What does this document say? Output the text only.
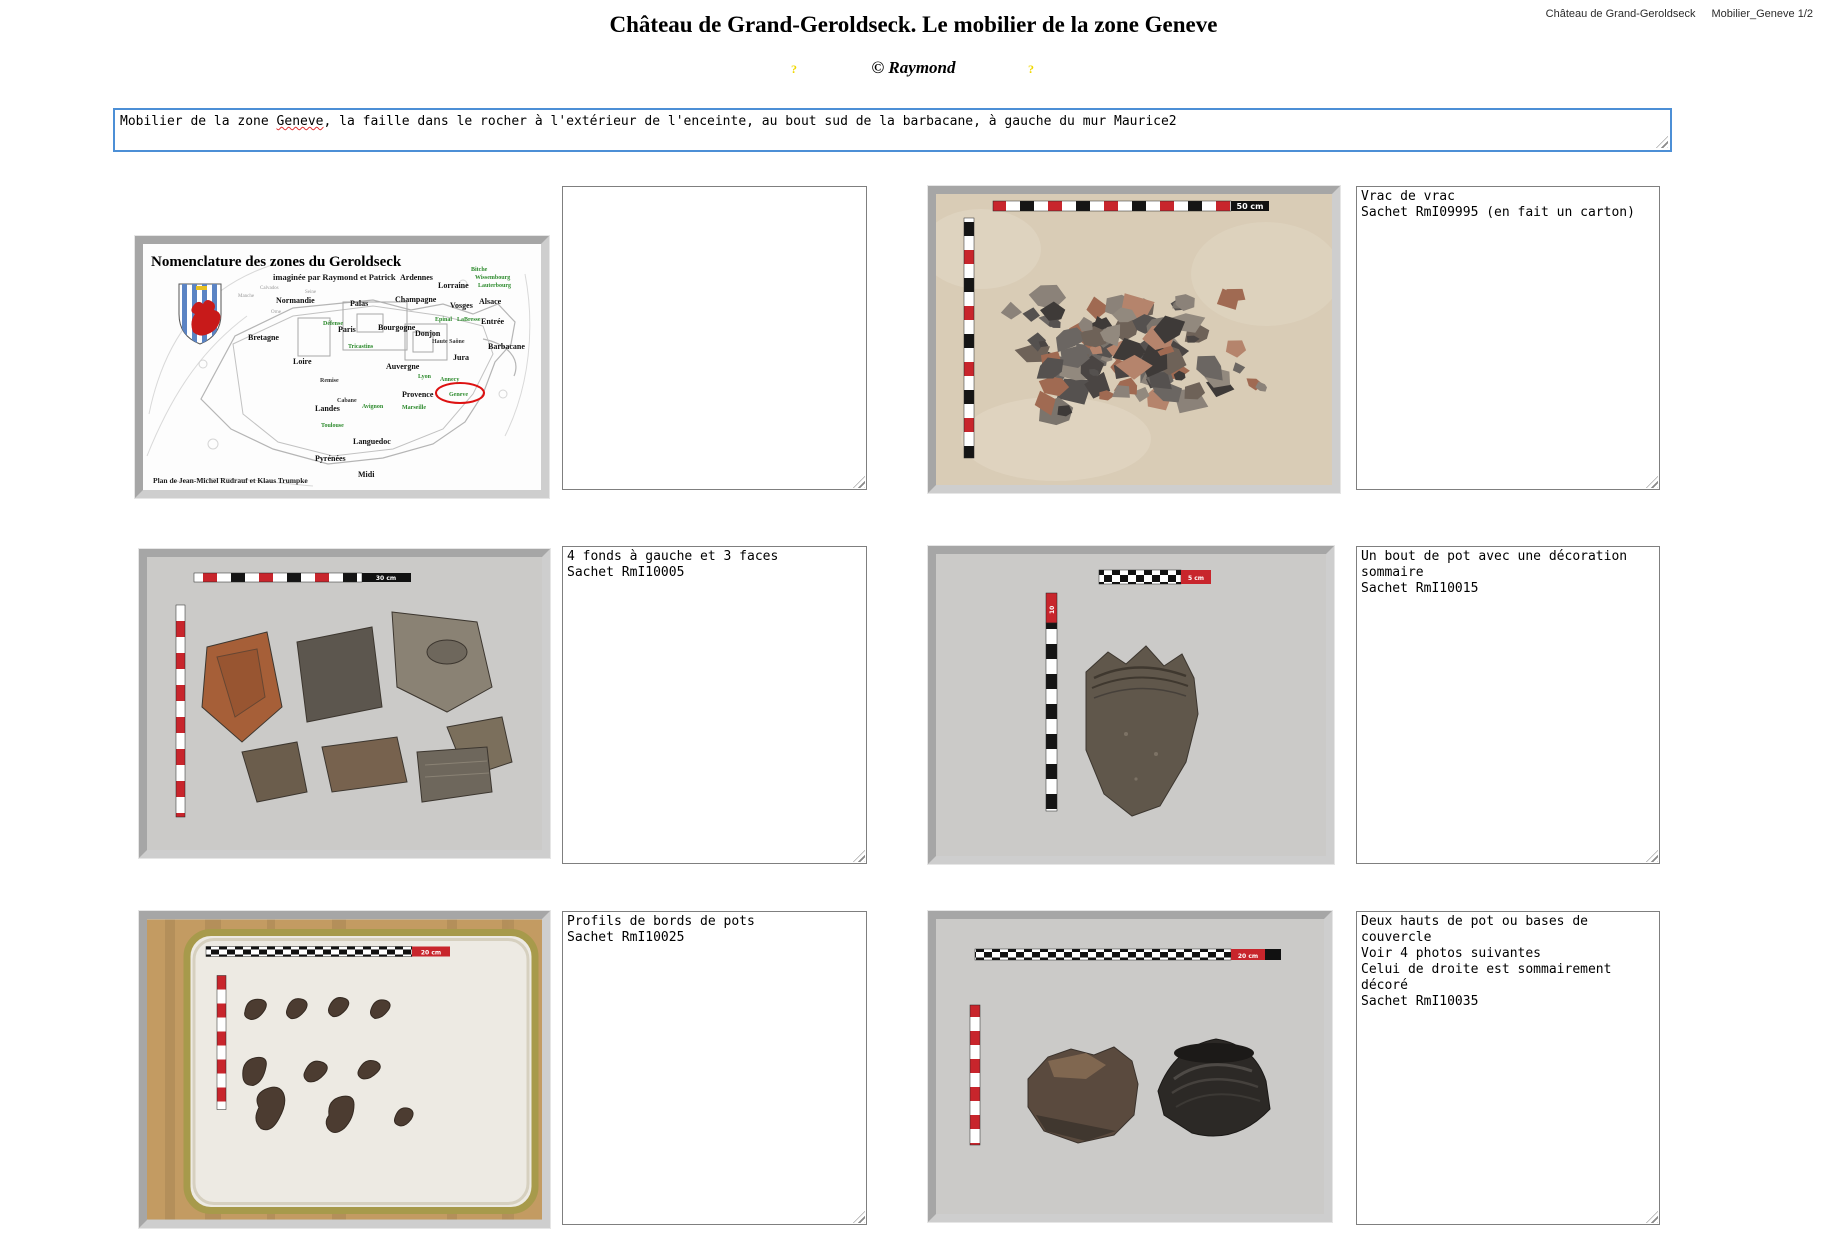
Château de Grand-Geroldseck Mobilier_Geneve 1/2
Château de Grand-Geroldseck. Le mobilier de la zone Geneve
© Raymond
?	?
Mobilier de la zone Geneve, la faille dans le rocher à l'extérieur de l'enceinte, au bout sud de la barbacane, à gauche du mur Maurice2
Nomenclature des zones du Geroldseck
imaginée par Raymond et Patrick
Plan de Jean-Michel Rudrauf et Klaus Trumpke
Ardennes
Lorraine
Bitche
Wissembourg
Lauterbourg
Champagne
Normandie
Manche
Calvados
Seine
Orne
Palas	Vosges Alsace
Entrée
Epinal LaBresse
Bourgogne
Paris
Défense
Donjon
Haute Saône
Bretagne
Tricastins	Barbacane
Loire	Jura
Auvergne
Lyon Annecy
Remise
Provence	Geneve
Marseille
Cabane
Avignon
Landes
Toulouse
Languedoc
Pyrénées
Midi
50 cm
Vrac de vrac Sachet RmI09995 (en fait un carton)
30 cm
4 fonds à gauche et 3 faces Sachet RmI10005	5 cm
10
Un bout de pot avec une décoration sommaire Sachet RmI10015
20 cm
Profils de bords de pots Sachet RmI10025	20 cm
Deux hauts de pot ou bases de couvercle Voir 4 photos suivantes Celui de droite est sommairement décoré Sachet RmI10035
